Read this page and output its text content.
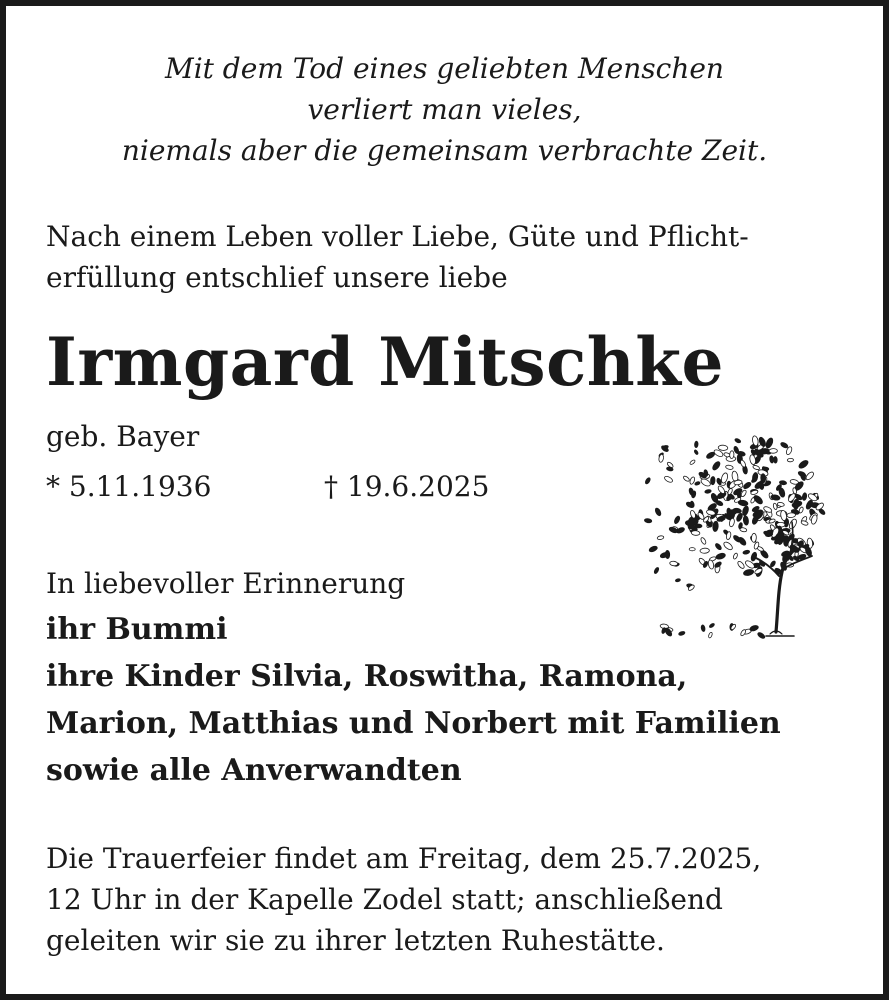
Mit dem Tod eines geliebten Menschen
verliert man vieles,
niemals aber die gemeinsam verbrachte Zeit.
Nach einem Leben voller Liebe, Güte und Pflicht-
erfüllung entschlief unsere liebe
Irmgard Mitschke
geb. Bayer
* 5.11.1936	† 19.6.2025
In liebevoller Erinnerung
ihr Bummi
ihre Kinder Silvia, Roswitha, Ramona,
Marion, Matthias und Norbert mit Familien
sowie alle Anverwandten
Die Trauerfeier findet am Freitag, dem 25.7.2025,
12 Uhr in der Kapelle Zodel statt; anschließend
geleiten wir sie zu ihrer letzten Ruhestätte.
